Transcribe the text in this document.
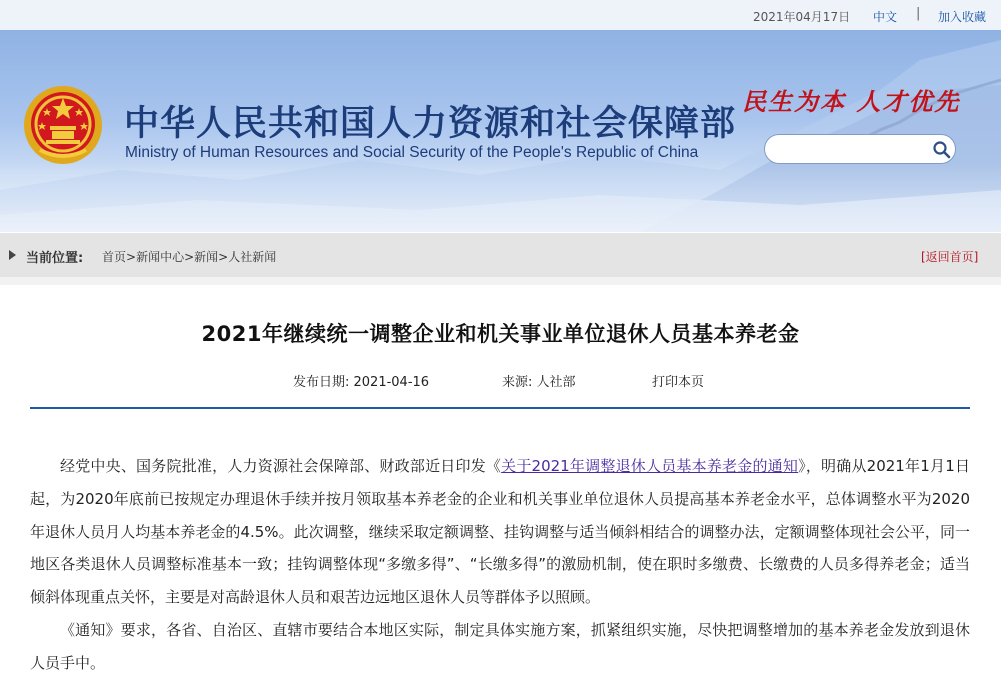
2021年04月17日 中文 | 加入收藏
中华人民共和国人力资源和社会保障部
Ministry of Human Resources and Social Security of the People's Republic of China
民生为本 人才优先
当前位置: 首页>新闻中心>新闻>人社新闻	[返回首页]
2021年继续统一调整企业和机关事业单位退休人员基本养老金
发布日期: 2021-04-16	来源: 人社部	打印本页

经党中央、国务院批准，人力资源社会保障部、财政部近日印发《关于2021年调整退休人员基本养老金的通知》，明确从2021年1月1日起，为2020年底前已按规定办理退休手续并按月领取基本养老金的企业和机关事业单位退休人员提高基本养老金水平，总体调整水平为2020年退休人员月人均基本养老金的4.5%。此次调整，继续采取定额调整、挂钩调整与适当倾斜相结合的调整办法，定额调整体现社会公平，同一地区各类退休人员调整标准基本一致；挂钩调整体现“多缴多得”、“长缴多得”的激励机制，使在职时多缴费、长缴费的人员多得养老金；适当倾斜体现重点关怀，主要是对高龄退休人员和艰苦边远地区退休人员等群体予以照顾。

《通知》要求，各省、自治区、直辖市要结合本地区实际，制定具体实施方案，抓紧组织实施，尽快把调整增加的基本养老金发放到退休人员手中。
